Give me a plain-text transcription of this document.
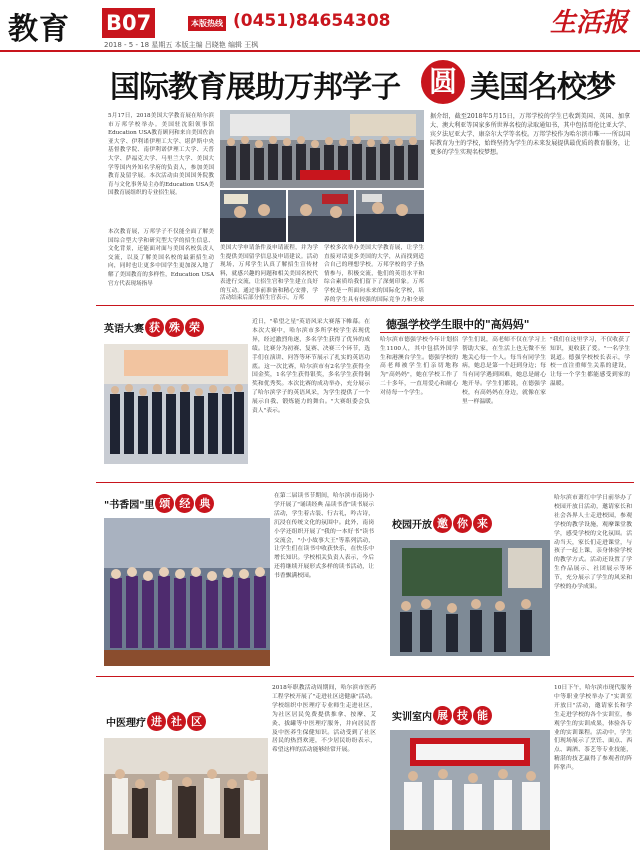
教育 B07	本版热线 (0451)84654308	生活报
2018 - 5 - 18 星期五 本版主编 吕晓艳 编辑 王枫
国际教育展助万邦学子 圆 美国名校梦
5月17日，2018美国大学教育展在哈尔滨市万邦学校举办。美国驻沈阳领事馆Education USA教育顾问和来自美国佐治亚大学、伊利诺伊理工大学、堪萨斯中央基督教学院、南伊利诺伊理工大学、天普大学、萨福克大学、马里兰大学、美国大学等国内外知名学府的负责人，参加美国教育及留学展。本次活动由美国国务院教育与文化事务局主办的Education USA美国教育展组织的专业招生展。
本次教育展，万邦学子不仅能全面了解美国综合型大学和研究型大学的招生信息、文化背景，还能面对面与美国名校负责人交流，以及了解美国名校的最新招生动向，同时也让更多中国学生更加深入地了解了美国教育的多样性，Education USA官方代表现场指导
美国大学申请条件及申请流程，并为学生提供美国留学信息及申请建议。活动现场，万邦学生认真了解招生宣传材料，就感兴趣的问题和相关美国名校代表进行交流，让招生官和学生建立良好的互动。通过事前准备和精心安排，学
活动结束后部分招生官表示，万邦
学校多次举办美国大学教育展，让学生直接对话更多美国的大学，从而找到适合自己的理想学校。万邦学校的学子热情参与，积极交流，他们的英语水平和综合素质给我们留下了深刻印象。万邦学校是一所面向未来的国际化学校，培养的学生具有较强的国际竞争力和全球
据介绍，截至2018年5月15日，万邦学校的学生已收到美国、英国、加拿大、澳大利亚等国家多所世界名校的录取通知书，其中包括哥伦比亚大学、宾夕法尼亚大学、康奈尔大学等名校。万邦学校作为哈尔滨市唯一一所以国际教育为主的学校，始终坚持为学生的未来发展提供最优质的教育服务，让更多的学生实现名校梦想。
英语大赛 获 殊 荣	近日，"希望之星"英语风采大赛落下帷幕。在本次大赛中，哈尔滨市多所学校学生表现优异，经过激烈角逐，多名学生获得了优异的成绩。比赛分为初赛、复赛、决赛三个环节，选手们在演讲、问答等环节展示了扎实的英语功底。这一次比赛，哈尔滨市有2名学生获得全国金奖，1名学生获得银奖，多名学生获得铜奖和优秀奖。本次比赛的成功举办，充分展示了哈尔滨学子的英语风采，为学生提供了一个展示自我、锻炼能力的舞台。"大赛组委会负责人"表示。
德强学校学生眼中的"高妈妈"
哈尔滨市德强学校今年计划招生1100人，其中包括外国学生和港澳台学生。德强学校的高老师被学生们亲切地称为"高妈妈"，她在学校工作了二十多年，一直用爱心和耐心对待每一个学生。
学生们说，高老师不仅在学习上帮助大家，在生活上也无微不至地关心每一个人。每当有同学生病，她总是第一个赶到身边；每当有同学遇到困难，她总是耐心地开导。学生们都说，在德强学校，有高妈妈在身边，就像在家里一样温暖。
"我们在这里学习，不仅收获了知识，更收获了爱。"一名学生说道。德强学校校长表示，学校一直注重师生关系的建设，让每一个学生都能感受到家的温暖。
"书香园"里 颂 经 典
在第二届读书节期间，哈尔滨市南岗小学开展了"诵读经典 品读书香"读书展示活动，学生着古装、行古礼，吟古诗，沉浸在传统文化的氛围中。此外，南岗小学还组织开展了"我的一本好书"读书交流会，"小小故事大王"等系列活动，让学生们在读书中收获快乐，在快乐中增长知识。学校相关负责人表示，今后还将继续开展形式多样的读书活动，让书香飘满校园。
校园开放 邀 你 来
哈尔滨市萧红中学日前举办了校园开放日活动，邀请家长和社会各界人士走进校园，参观学校的教学设施，观摩课堂教学，感受学校的文化氛围。活动当天，家长们走进课堂，与孩子一起上课，亲身体验学校的教学方式。活动还设置了学生作品展示、社团展示等环节，充分展示了学生的风采和学校的办学成果。
中医理疗 进 社 区
2018年职教活动周期间，哈尔滨市医药工程学校开展了"走进社区送健康"活动。学校组织中医理疗专业师生走进社区，为社区居民免费提供推拿、按摩、艾灸、拔罐等中医理疗服务，并向居民普及中医养生保健知识。活动受到了社区居民的热烈欢迎，不少居民纷纷表示，希望这样的活动能够经常开展。
实训室内 展 技 能
10日下午，哈尔滨市现代服务中等职业学校举办了"实训室开放日"活动，邀请家长和学生走进学校的各个实训室，参观学生的实训成果，体验各专业的实训课程。活动中，学生们现场展示了烹饪、面点、西点、调酒、茶艺等专业技能，精湛的技艺赢得了参观者的阵阵掌声。
